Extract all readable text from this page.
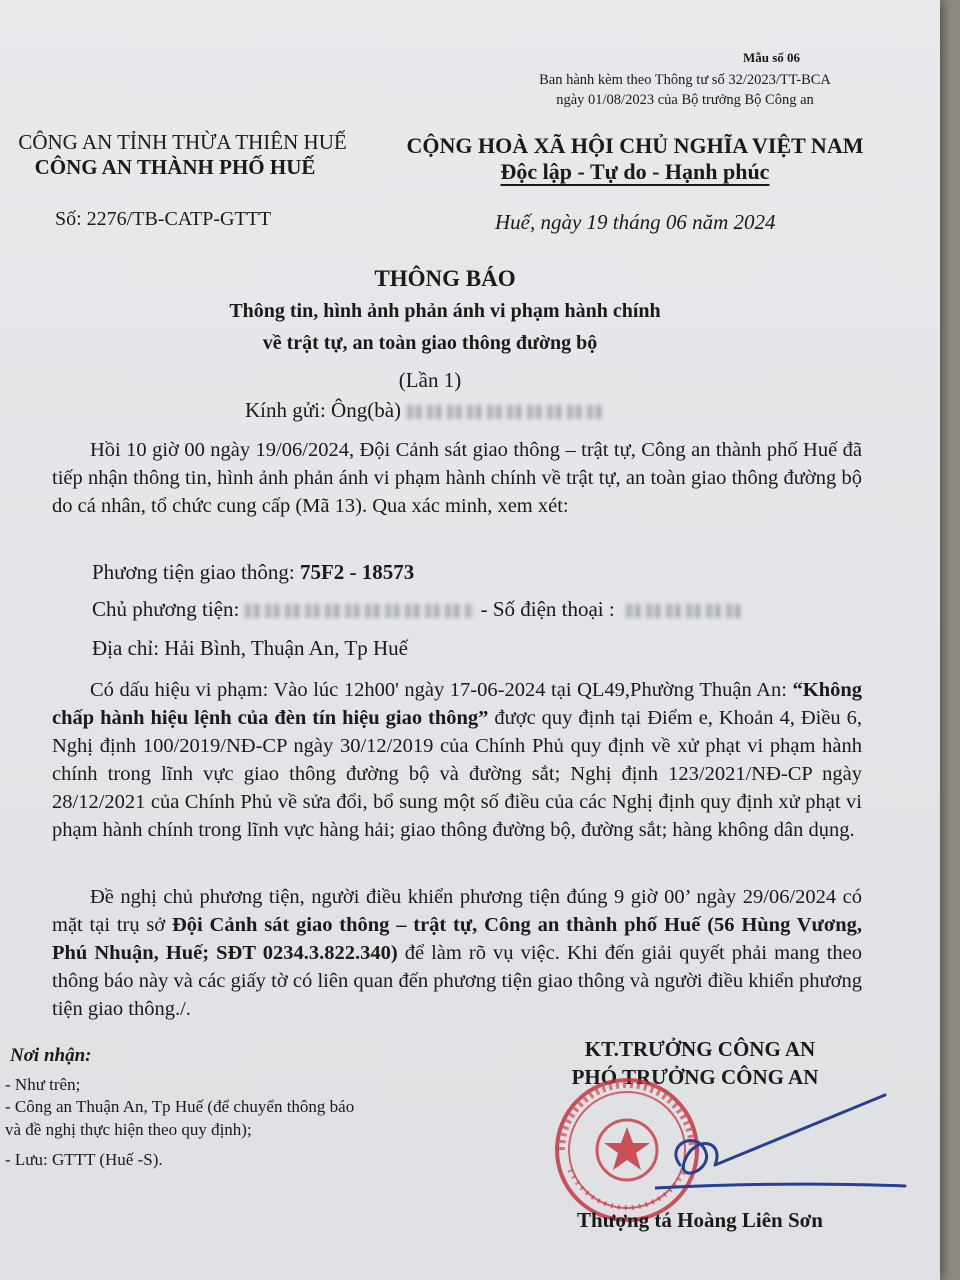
Mẫu số 06
Ban hành kèm theo Thông tư số 32/2023/TT-BCA
ngày 01/08/2023 của Bộ trưởng Bộ Công an
CÔNG AN TỈNH THỪA THIÊN HUẾ
CÔNG AN THÀNH PHỐ HUẾ
CỘNG HOÀ XÃ HỘI CHỦ NGHĨA VIỆT NAM
Độc lập - Tự do - Hạnh phúc
Số: 2276/TB-CATP-GTTT	Huế, ngày 19 tháng 06 năm 2024
THÔNG BÁO
Thông tin, hình ảnh phản ánh vi phạm hành chính
về trật tự, an toàn giao thông đường bộ
(Lần 1)
Kính gửi: Ông(bà)
Hồi 10 giờ 00 ngày 19/06/2024, Đội Cảnh sát giao thông – trật tự, Công an thành phố Huế đã tiếp nhận thông tin, hình ảnh phản ánh vi phạm hành chính về trật tự, an toàn giao thông đường bộ do cá nhân, tổ chức cung cấp (Mã 13). Qua xác minh, xem xét:
Phương tiện giao thông: 75F2 - 18573
Chủ phương tiện:	- Số điện thoại :
Địa chỉ: Hải Bình, Thuận An, Tp Huế
Có dấu hiệu vi phạm: Vào lúc 12h00' ngày 17-06-2024 tại QL49,Phường Thuận An: “Không chấp hành hiệu lệnh của đèn tín hiệu giao thông” được quy định tại Điểm e, Khoản 4, Điều 6, Nghị định 100/2019/NĐ-CP ngày 30/12/2019 của Chính Phủ quy định về xử phạt vi phạm hành chính trong lĩnh vực giao thông đường bộ và đường sắt; Nghị định 123/2021/NĐ-CP ngày 28/12/2021 của Chính Phủ về sửa đổi, bổ sung một số điều của các Nghị định quy định xử phạt vi phạm hành chính trong lĩnh vực hàng hải; giao thông đường bộ, đường sắt; hàng không dân dụng.
Đề nghị chủ phương tiện, người điều khiển phương tiện đúng 9 giờ 00’ ngày 29/06/2024 có mặt tại trụ sở Đội Cảnh sát giao thông – trật tự, Công an thành phố Huế (56 Hùng Vương, Phú Nhuận, Huế; SĐT 0234.3.822.340) để làm rõ vụ việc. Khi đến giải quyết phải mang theo thông báo này và các giấy tờ có liên quan đến phương tiện giao thông và người điều khiển phương tiện giao thông./.
Nơi nhận:
- Như trên;
- Công an Thuận An, Tp Huế (để chuyển thông báo
và đề nghị thực hiện theo quy định);
- Lưu: GTTT (Huế -S).
KT.TRƯỞNG CÔNG AN
PHÓ TRƯỞNG CÔNG AN
Thượng tá Hoàng Liên Sơn
